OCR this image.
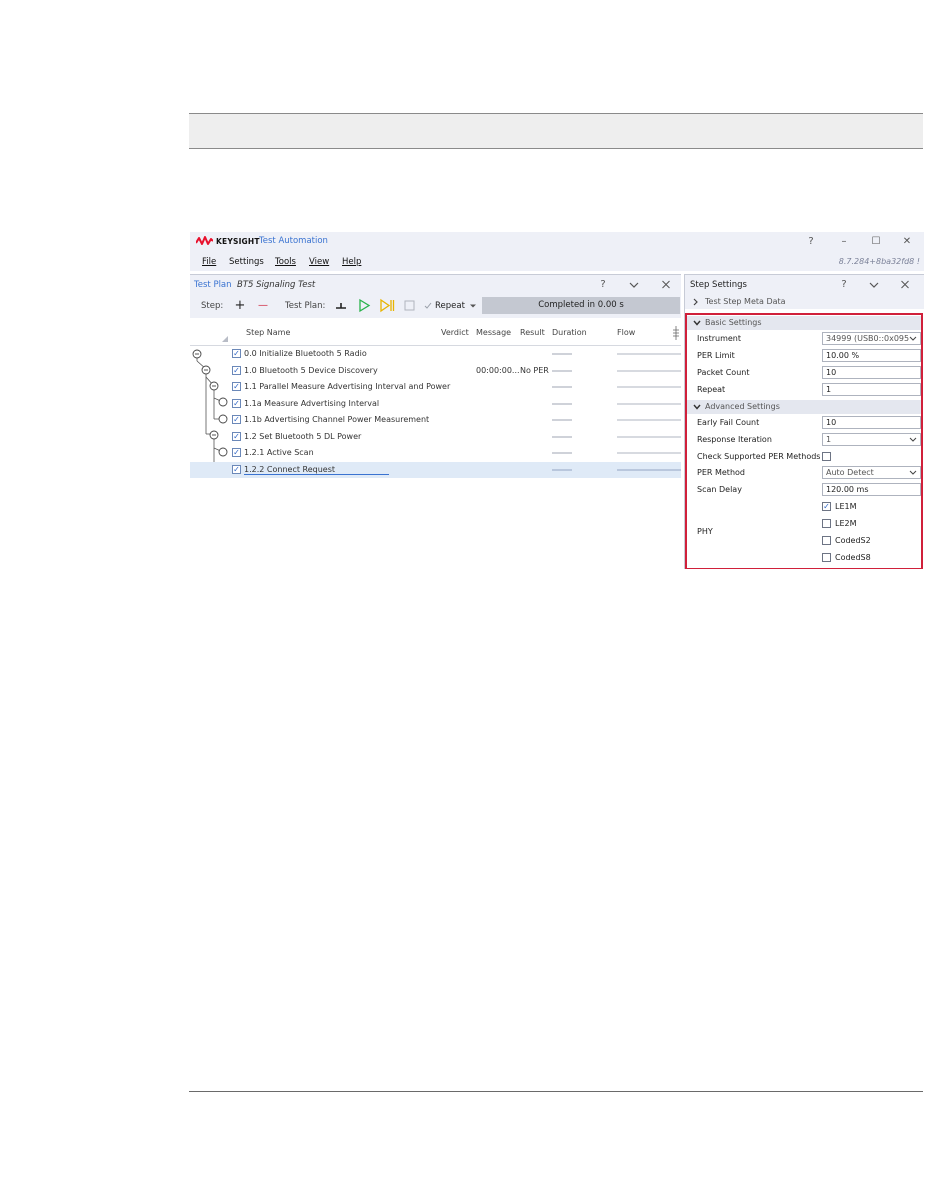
KEYSIGHT Test Automation	?	–	☐	✕
File Settings Tools View Help	8.7.284+8ba32fd8 !
Test Plan BT5 Signaling Test	?
Step: + — Test Plan:	Repeat	Completed in 0.00 s
Step Name	Verdict Message Result Duration	Flow
✓ 0.0 Initialize Bluetooth 5 Radio
✓ 1.0 Bluetooth 5 Device Discovery	00:00:00... No PER
✓ 1.1 Parallel Measure Advertising Interval and Power
✓ 1.1a Measure Advertising Interval
✓ 1.1b Advertising Channel Power Measurement
✓ 1.2 Set Bluetooth 5 DL Power
✓ 1.2.1 Active Scan
✓ 1.2.2 Connect Request
Step Settings	?
Test Step Meta Data
Basic Settings
Instrument	34999 (USB0::0x095
PER Limit	10.00 %
Packet Count	10
Repeat	1
Advanced Settings
Early Fail Count	10
Response Iteration	1
Check Supported PER Methods
PER Method	Auto Detect
Scan Delay	120.00 ms
PHY
✓ LE1M
LE2M
CodedS2
CodedS8
